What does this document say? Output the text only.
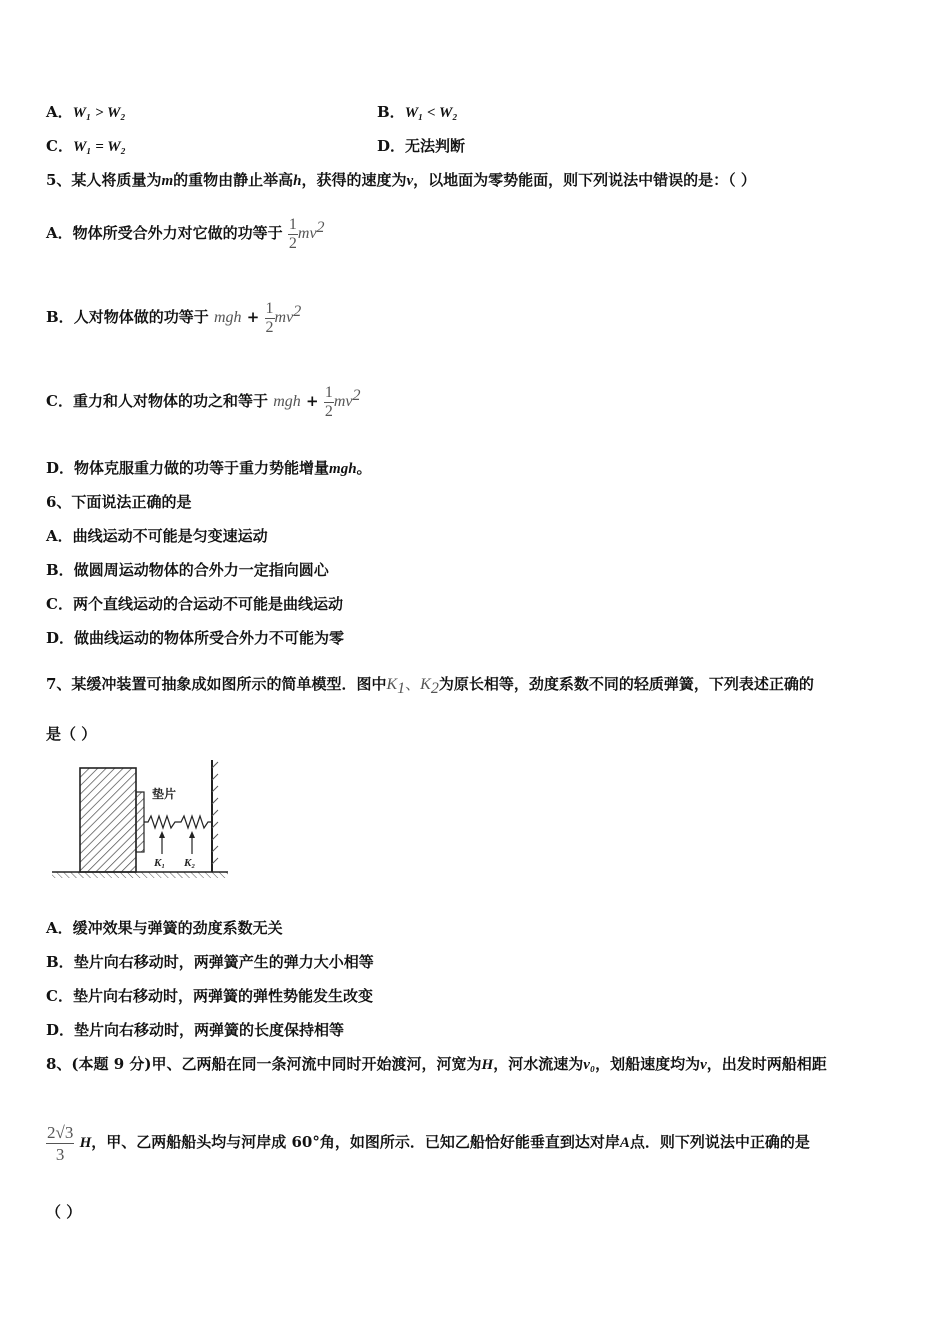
A．W₁ > W₂	B．W₁ < W₂
C．W₁ = W₂	D．无法判断
5、某人将质量为m的重物由静止举高h，获得的速度为v，以地面为零势能面，则下列说法中错误的是：（ ）
A．物体所受合外力对它做的功等于 $\frac{1}{2} mv^2$
B．人对物体做的功等于 mgh + $\frac{1}{2} mv^2$
C．重力和人对物体的功之和等于 mgh + $\frac{1}{2} mv^2$
D．物体克服重力做的功等于重力势能增量mgh。
6、下面说法正确的是
A．曲线运动不可能是匀变速运动
B．做圆周运动物体的合外力一定指向圆心
C．两个直线运动的合运动不可能是曲线运动
D．做曲线运动的物体所受合外力不可能为零
7、某缓冲装置可抽象成如图所示的简单模型．图中$K_1$、$K_2$为原长相等，劲度系数不同的轻质弹簧，下列表述正确的
是（ ）
垫片
K₁ K₂
A．缓冲效果与弹簧的劲度系数无关
B．垫片向右移动时，两弹簧产生的弹力大小相等
C．垫片向右移动时，两弹簧的弹性势能发生改变
D．垫片向右移动时，两弹簧的长度保持相等
8、(本题 9 分)甲、乙两船在同一条河流中同时开始渡河，河宽为H，河水流速为v₀，划船速度均为v，出发时两船相距
$\frac{2√3}{3}$ H，甲、乙两船船头均与河岸成 60°角，如图所示．已知乙船恰好能垂直到达对岸A点．则下列说法中正确的是
（ ）
